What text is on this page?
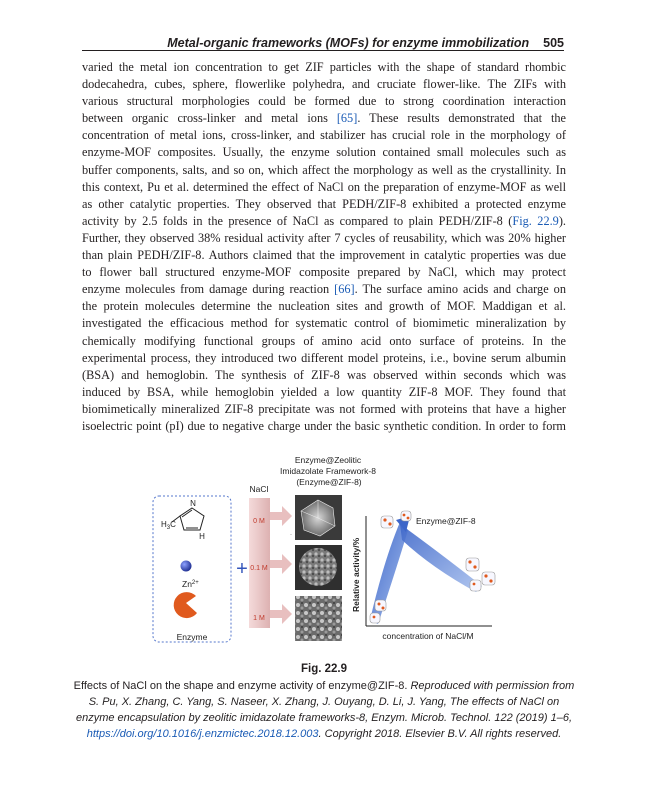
Metal-organic frameworks (MOFs) for enzyme immobilization 505
varied the metal ion concentration to get ZIF particles with the shape of standard rhombic
dodecahedra, cubes, sphere, flowerlike polyhedra, and cruciate flower-like. The ZIFs with
various structural morphologies could be formed due to strong coordination interaction
between organic cross-linker and metal ions [65]. These results demonstrated that the
concentration of metal ions, cross-linker, and stabilizer has crucial role in the morphology of
enzyme-MOF composites. Usually, the enzyme solution contained small molecules such as
buffer components, salts, and so on, which affect the morphology as well as the crystallinity. In
this context, Pu et al. determined the effect of NaCl on the preparation of enzyme-MOF as well
as other catalytic properties. They observed that PEDH/ZIF-8 exhibited a protected enzyme
activity by 2.5 folds in the presence of NaCl as compared to plain PEDH/ZIF-8 (Fig. 22.9).
Further, they observed 38% residual activity after 7 cycles of reusability, which was 20% higher
than plain PEDH/ZIF-8. Authors claimed that the improvement in catalytic properties was due
to flower ball structured enzyme-MOF composite prepared by NaCl, which may protect
enzyme molecules from damage during reaction [66]. The surface amino acids and charge on
the protein molecules determine the nucleation sites and growth of MOF. Maddigan et al.
investigated the efficacious method for systematic control of biomimetic mineralization by
chemically modifying functional groups of amino acid onto surface of proteins. In the
experimental process, they introduced two different model proteins, i.e., bovine serum albumin
(BSA) and hemoglobin. The synthesis of ZIF-8 was observed within seconds which was
induced by BSA, while hemoglobin yielded a low quantity ZIF-8 MOF. They found that
biomimetically mineralized ZIF-8 precipitate was not formed with proteins that have a higher
isoelectric point (pI) due to negative charge under the basic synthetic condition. In order to form
Enzyme@Zeolitic
Imidazolate Framework-8
(Enzyme@ZIF-8)
NaCl
N
H
$H_3C$
$Zn^{2+}$
Enzyme
+
0 M
0.1 M
1 M
·
Relative activity/%
concentration of NaCl/M
Enzyme@ZIF-8
Fig. 22.9
Effects of NaCl on the shape and enzyme activity of enzyme@ZIF-8. Reproduced with permission from S. Pu, X. Zhang, C. Yang, S. Naseer, X. Zhang, J. Ouyang, D. Li, J. Yang, The effects of NaCl on enzyme encapsulation by zeolitic imidazolate frameworks-8, Enzym. Microb. Technol. 122 (2019) 1–6, https://doi.org/10.1016/j.enzmictec.2018.12.003. Copyright 2018. Elsevier B.V. All rights reserved.
